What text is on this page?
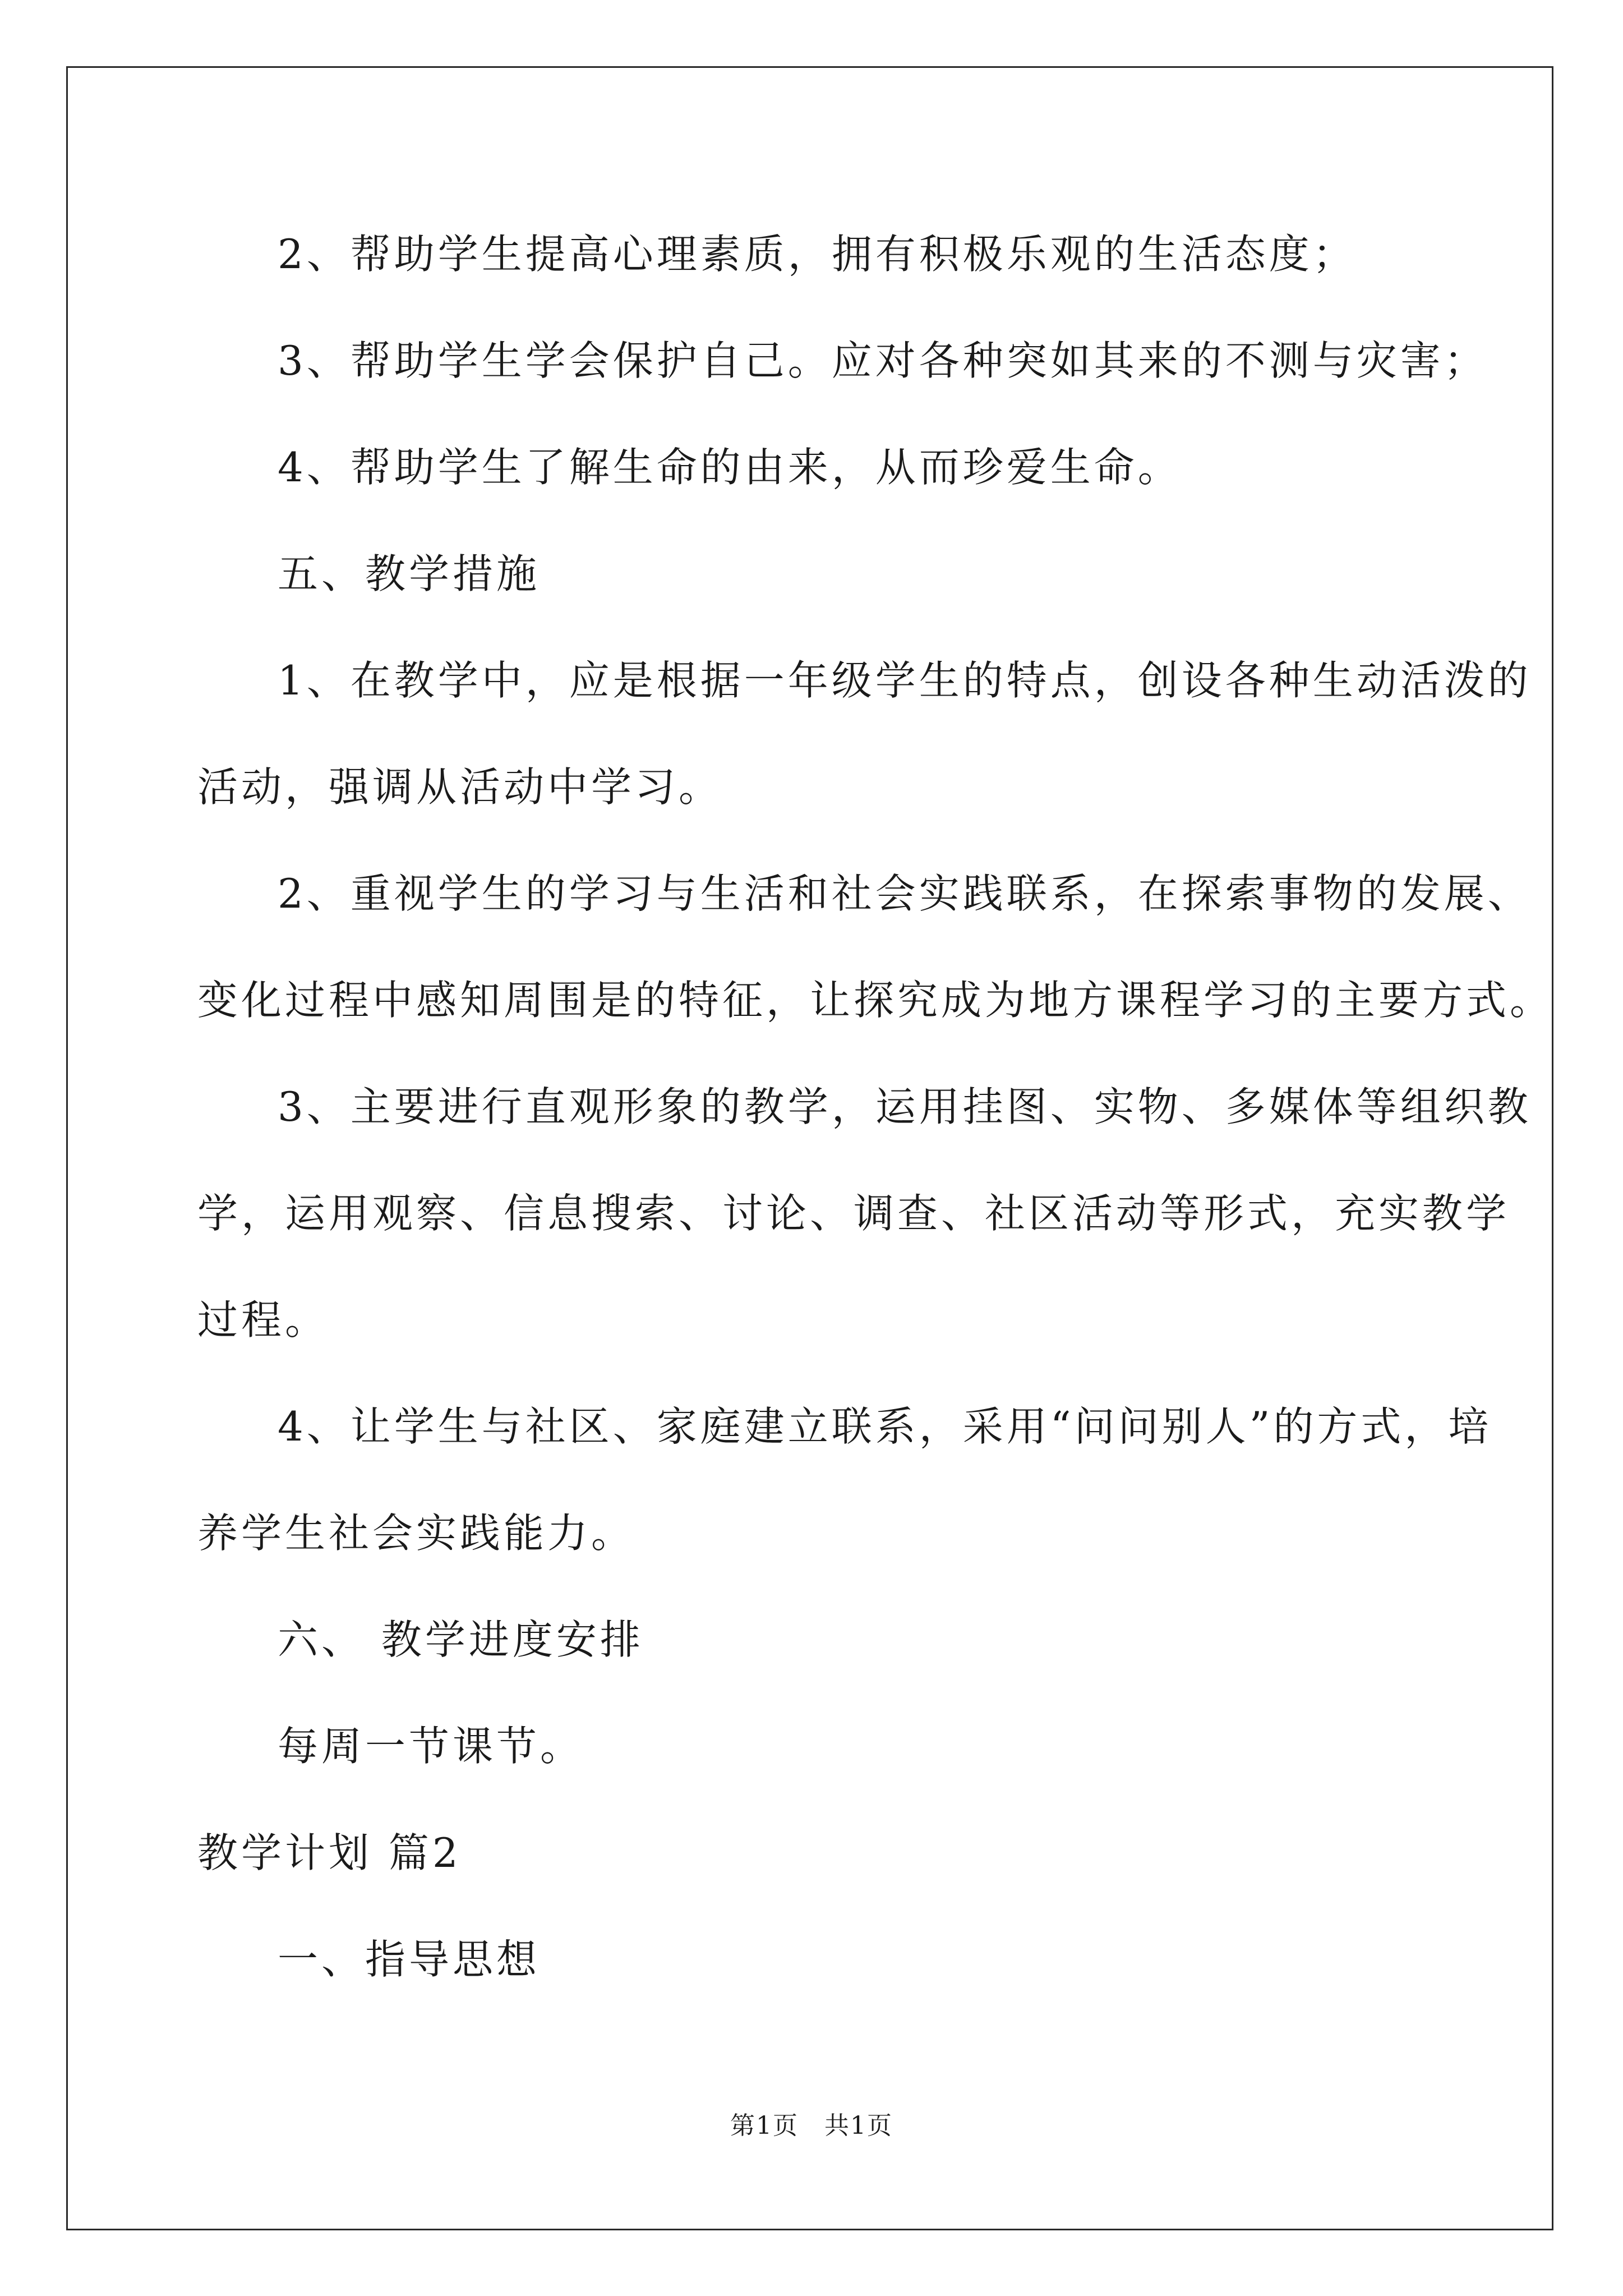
2、帮助学生提高心理素质，拥有积极乐观的生活态度；
3、帮助学生学会保护自己。应对各种突如其来的不测与灾害；
4、帮助学生了解生命的由来，从而珍爱生命。
五、教学措施
1、在教学中，应是根据一年级学生的特点，创设各种生动活泼的
活动，强调从活动中学习。
2、重视学生的学习与生活和社会实践联系，在探索事物的发展、
变化过程中感知周围是的特征，让探究成为地方课程学习的主要方式。
3、主要进行直观形象的教学，运用挂图、实物、多媒体等组织教
学，运用观察、信息搜索、讨论、调查、社区活动等形式，充实教学
过程。
4、让学生与社区、家庭建立联系，采用“问问别人”的方式，培
养学生社会实践能力。
六、 教学进度安排
每周一节课节。
教学计划 篇2
一、指导思想
第1页　共1页
